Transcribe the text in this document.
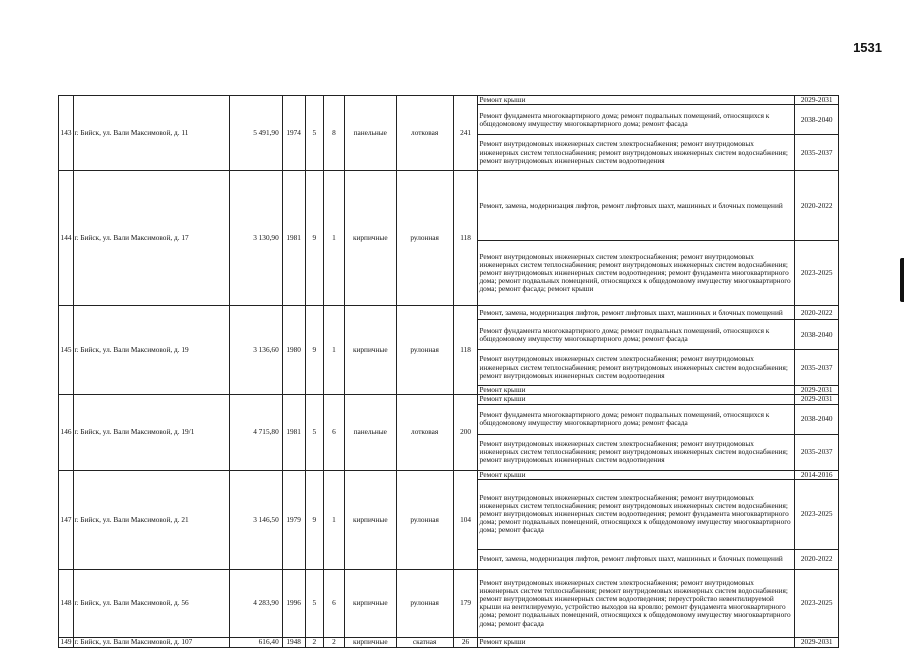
1531
143	г. Бийск, ул. Вали Максимовой, д. 11	5 491,90	1974	5	8	панельные	лотковая	241	Ремонт крыши	2029-2031
									Ремонт фундамента многоквартирного дома; ремонт подвальных помещений, относящихся к общедомовому имуществу многоквартирного дома; ремонт фасада	2038-2040
									Ремонт внутридомовых инженерных систем электроснабжения; ремонт внутридомовых инженерных систем теплоснабжения; ремонт внутридомовых инженерных систем водоснабжения; ремонт внутридомовых инженерных систем водоотведения	2035-2037
144	г. Бийск, ул. Вали Максимовой, д. 17	3 130,90	1981	9	1	кирпичные	рулонная	118	Ремонт, замена, модернизация лифтов, ремонт лифтовых шахт, машинных и блочных помещений	2020-2022
									Ремонт внутридомовых инженерных систем электроснабжения; ремонт внутридомовых инженерных систем теплоснабжения; ремонт внутридомовых инженерных систем водоснабжения; ремонт внутридомовых инженерных систем водоотведения; ремонт фундамента многоквартирного дома; ремонт подвальных помещений, относящихся к общедомовому имуществу многоквартирного дома; ремонт фасада; ремонт крыши	2023-2025
145	г. Бийск, ул. Вали Максимовой, д. 19	3 136,60	1980	9	1	кирпичные	рулонная	118	Ремонт, замена, модернизация лифтов, ремонт лифтовых шахт, машинных и блочных помещений	2020-2022
									Ремонт фундамента многоквартирного дома; ремонт подвальных помещений, относящихся к общедомовому имуществу многоквартирного дома; ремонт фасада	2038-2040
									Ремонт внутридомовых инженерных систем электроснабжения; ремонт внутридомовых инженерных систем теплоснабжения; ремонт внутридомовых инженерных систем водоснабжения; ремонт внутридомовых инженерных систем водоотведения	2035-2037
									Ремонт крыши	2029-2031
146	г. Бийск, ул. Вали Максимовой, д. 19/1	4 715,80	1981	5	6	панельные	лотковая	200	Ремонт крыши	2029-2031
									Ремонт фундамента многоквартирного дома; ремонт подвальных помещений, относящихся к общедомовому имуществу многоквартирного дома; ремонт фасада	2038-2040
									Ремонт внутридомовых инженерных систем электроснабжения; ремонт внутридомовых инженерных систем теплоснабжения; ремонт внутридомовых инженерных систем водоснабжения; ремонт внутридомовых инженерных систем водоотведения	2035-2037
147	г. Бийск, ул. Вали Максимовой, д. 21	3 146,50	1979	9	1	кирпичные	рулонная	104	Ремонт крыши	2014-2016
									Ремонт внутридомовых инженерных систем электроснабжения; ремонт внутридомовых инженерных систем теплоснабжения; ремонт внутридомовых инженерных систем водоснабжения; ремонт внутридомовых инженерных систем водоотведения; ремонт фундамента многоквартирного дома; ремонт подвальных помещений, относящихся к общедомовому имуществу многоквартирного дома; ремонт фасада	2023-2025
									Ремонт, замена, модернизация лифтов, ремонт лифтовых шахт, машинных и блочных помещений	2020-2022
148	г. Бийск, ул. Вали Максимовой, д. 56	4 283,90	1996	5	6	кирпичные	рулонная	179	Ремонт внутридомовых инженерных систем электроснабжения; ремонт внутридомовых инженерных систем теплоснабжения; ремонт внутридомовых инженерных систем водоснабжения; ремонт внутридомовых инженерных систем водоотведения; переустройство невентилируемой крыши на вентилируемую, устройство выходов на кровлю; ремонт фундамента многоквартирного дома; ремонт подвальных помещений, относящихся к общедомовому имуществу многоквартирного дома; ремонт фасада	2023-2025
149	г. Бийск, ул. Вали Максимовой, д. 107	616,40	1948	2	2	кирпичные	скатная	26	Ремонт крыши	2029-2031
